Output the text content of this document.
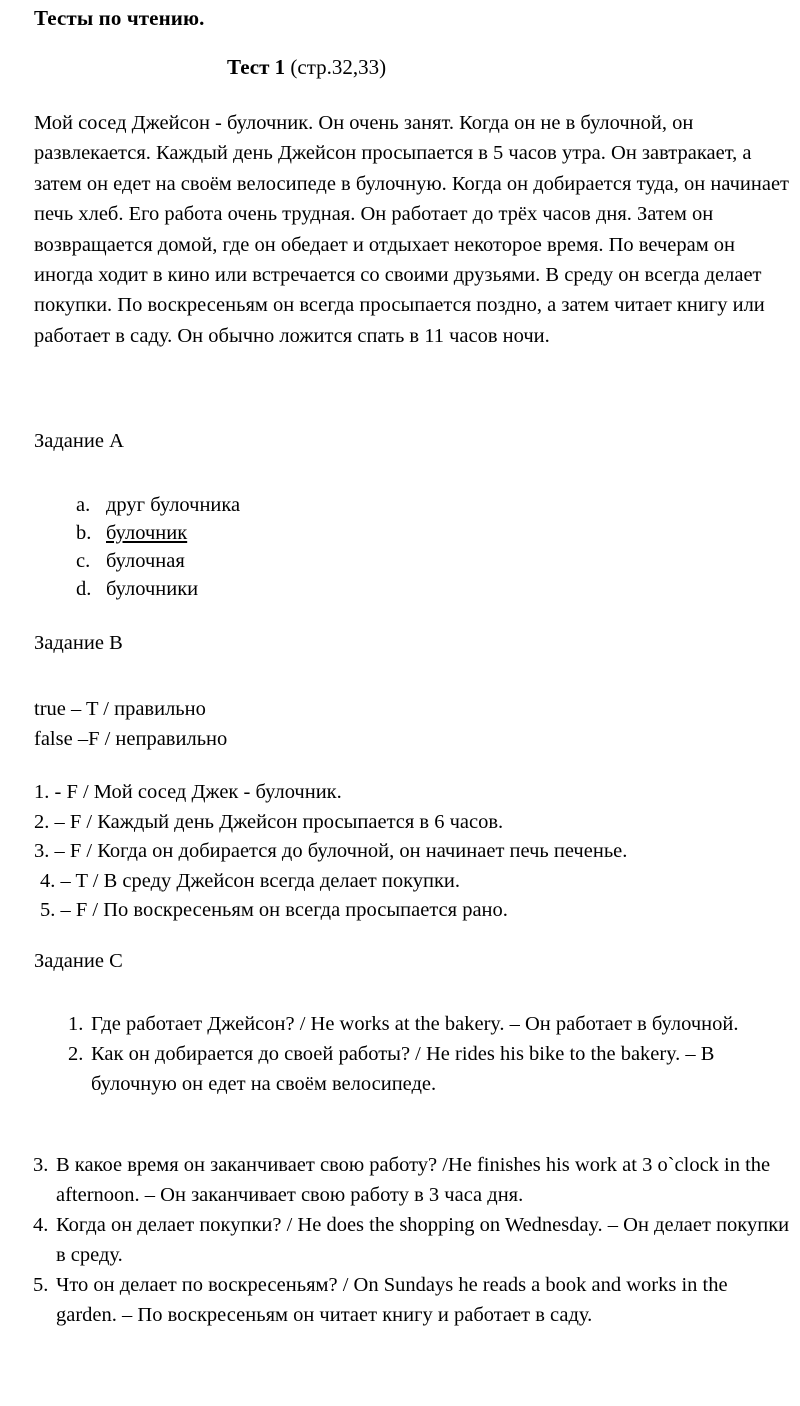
Тесты по чтению.
Тест 1 (стр.32,33)
Мой сосед Джейсон - булочник. Он очень занят. Когда он не в булочной, он развлекается. Каждый день Джейсон просыпается в 5 часов утра. Он завтракает, а затем он едет на своём велосипеде в булочную. Когда он добирается туда, он начинает печь хлеб. Его работа очень трудная. Он работает до трёх часов дня. Затем он возвращается домой, где он обедает и отдыхает некоторое время. По вечерам он иногда ходит в кино или встречается со своими друзьями. В среду он всегда делает покупки. По воскресеньям он всегда просыпается поздно, а затем читает книгу или работает в саду. Он обычно ложится спать в 11 часов ночи.
Задание A
a. друг булочника
b. булочник
c. булочная
d. булочники
Задание B
true – T / правильно
false –F / неправильно
1. - F / Мой сосед Джек - булочник.
2. – F / Каждый день Джейсон просыпается в 6 часов.
3. – F / Когда он добирается до булочной, он начинает печь печенье.
4. – T / В среду Джейсон всегда делает покупки.
5. – F / По воскресеньям он всегда просыпается рано.
Задание C
1. Где работает Джейсон? / He works at the bakery. – Он работает в булочной.
2. Как он добирается до своей работы? / He rides his bike to the bakery. – В булочную он едет на своём велосипеде.
3. В какое время он заканчивает свою работу? /He finishes his work at 3 o`clock in the afternoon. – Он заканчивает свою работу в 3 часа дня.
4. Когда он делает покупки? / He does the shopping on Wednesday. – Он делает покупки в среду.
5. Что он делает по воскресеньям? / On Sundays he reads a book and works in the garden. – По воскресеньям он читает книгу и работает в саду.
